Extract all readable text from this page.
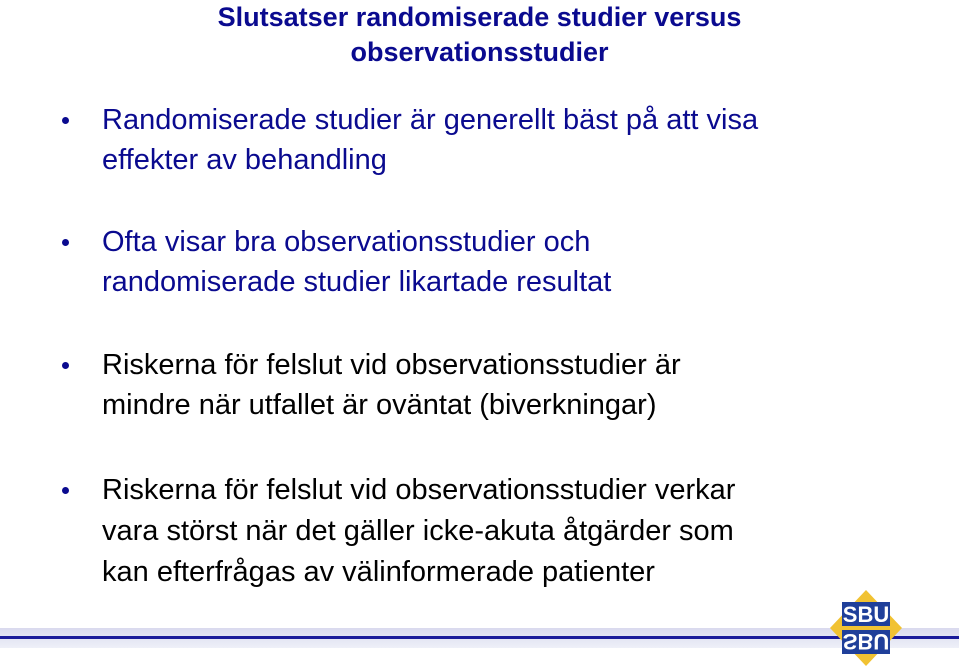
Slutsatser randomiserade studier versus
observationsstudier
Randomiserade studier är generellt bäst på att visa
effekter av behandling
Ofta visar bra observationsstudier och
randomiserade studier likartade resultat
Riskerna för felslut vid observationsstudier är
mindre när utfallet är oväntat (biverkningar)
Riskerna för felslut vid observationsstudier verkar
vara störst när det gäller icke-akuta åtgärder som
kan efterfrågas av välinformerade patienter
SBU
SBU
